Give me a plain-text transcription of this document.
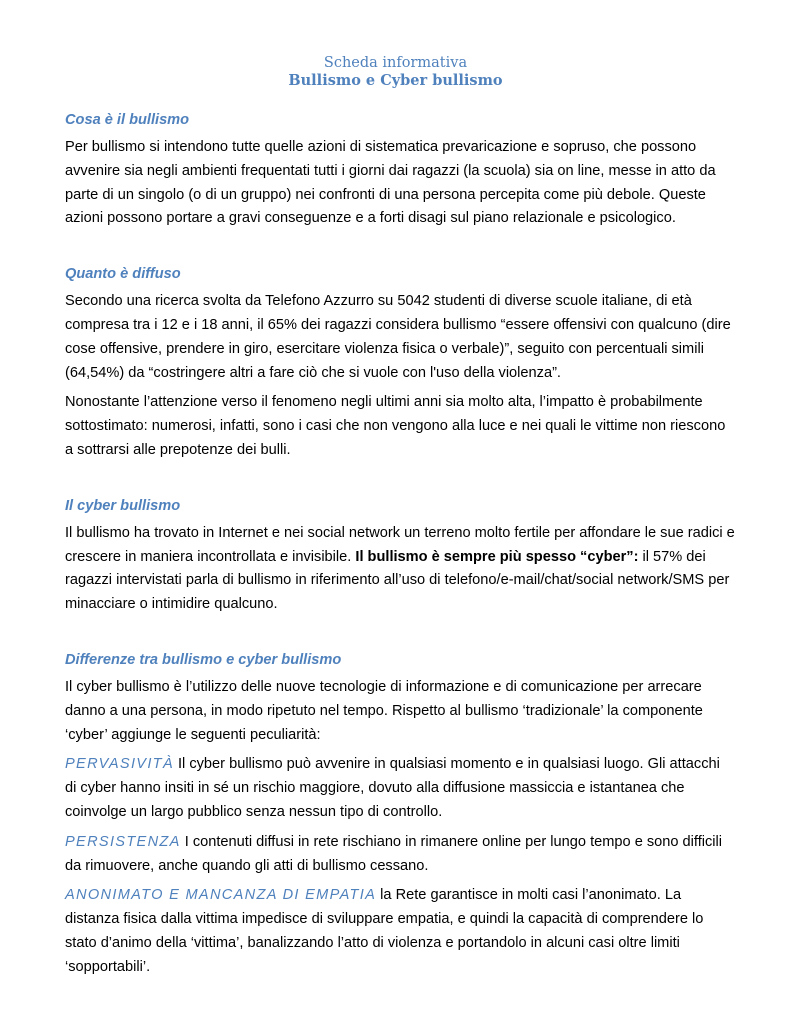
Scheda informativa
Bullismo e Cyber bullismo
Cosa è il bullismo

Per bullismo si intendono tutte quelle azioni di sistematica prevaricazione e sopruso, che possono avvenire sia negli ambienti frequentati tutti i giorni dai ragazzi (la scuola) sia on line, messe in atto da parte di un singolo (o di un gruppo) nei confronti di una persona percepita come più debole. Queste azioni possono portare a gravi conseguenze e a forti disagi sul piano relazionale e psicologico.

Quanto è diffuso

Secondo una ricerca svolta da Telefono Azzurro su 5042 studenti di diverse scuole italiane, di età compresa tra i 12 e i 18 anni, il 65% dei ragazzi considera bullismo “essere offensivi con qualcuno (dire cose offensive, prendere in giro, esercitare violenza fisica o verbale)”, seguito con percentuali simili (64,54%) da “costringere altri a fare ciò che si vuole con l'uso della violenza”.

Nonostante l’attenzione verso il fenomeno negli ultimi anni sia molto alta, l’impatto è probabilmente sottostimato: numerosi, infatti, sono i casi che non vengono alla luce e nei quali le vittime non riescono a sottrarsi alle prepotenze dei bulli.

Il cyber bullismo

Il bullismo ha trovato in Internet e nei social network un terreno molto fertile per affondare le sue radici e crescere in maniera incontrollata e invisibile. Il bullismo è sempre più spesso “cyber”: il 57% dei ragazzi intervistati parla di bullismo in riferimento all’uso di telefono/e-mail/chat/social network/SMS per minacciare o intimidire qualcuno.

Differenze tra bullismo e cyber bullismo

Il cyber bullismo è l’utilizzo delle nuove tecnologie di informazione e di comunicazione per arrecare danno a una persona, in modo ripetuto nel tempo. Rispetto al bullismo ‘tradizionale’ la componente ‘cyber’ aggiunge le seguenti peculiarità:

PERVASIVITÀ Il cyber bullismo può avvenire in qualsiasi momento e in qualsiasi luogo. Gli attacchi di cyber hanno insiti in sé un rischio maggiore, dovuto alla diffusione massiccia e istantanea che coinvolge un largo pubblico senza nessun tipo di controllo.

PERSISTENZA I contenuti diffusi in rete rischiano in rimanere online per lungo tempo e sono difficili da rimuovere, anche quando gli atti di bullismo cessano.

ANONIMATO E MANCANZA DI EMPATIA la Rete garantisce in molti casi l’anonimato. La distanza fisica dalla vittima impedisce di sviluppare empatia, e quindi la capacità di comprendere lo stato d’animo della ‘vittima’, banalizzando l’atto di violenza e portandolo in alcuni casi oltre limiti ‘sopportabili’.
